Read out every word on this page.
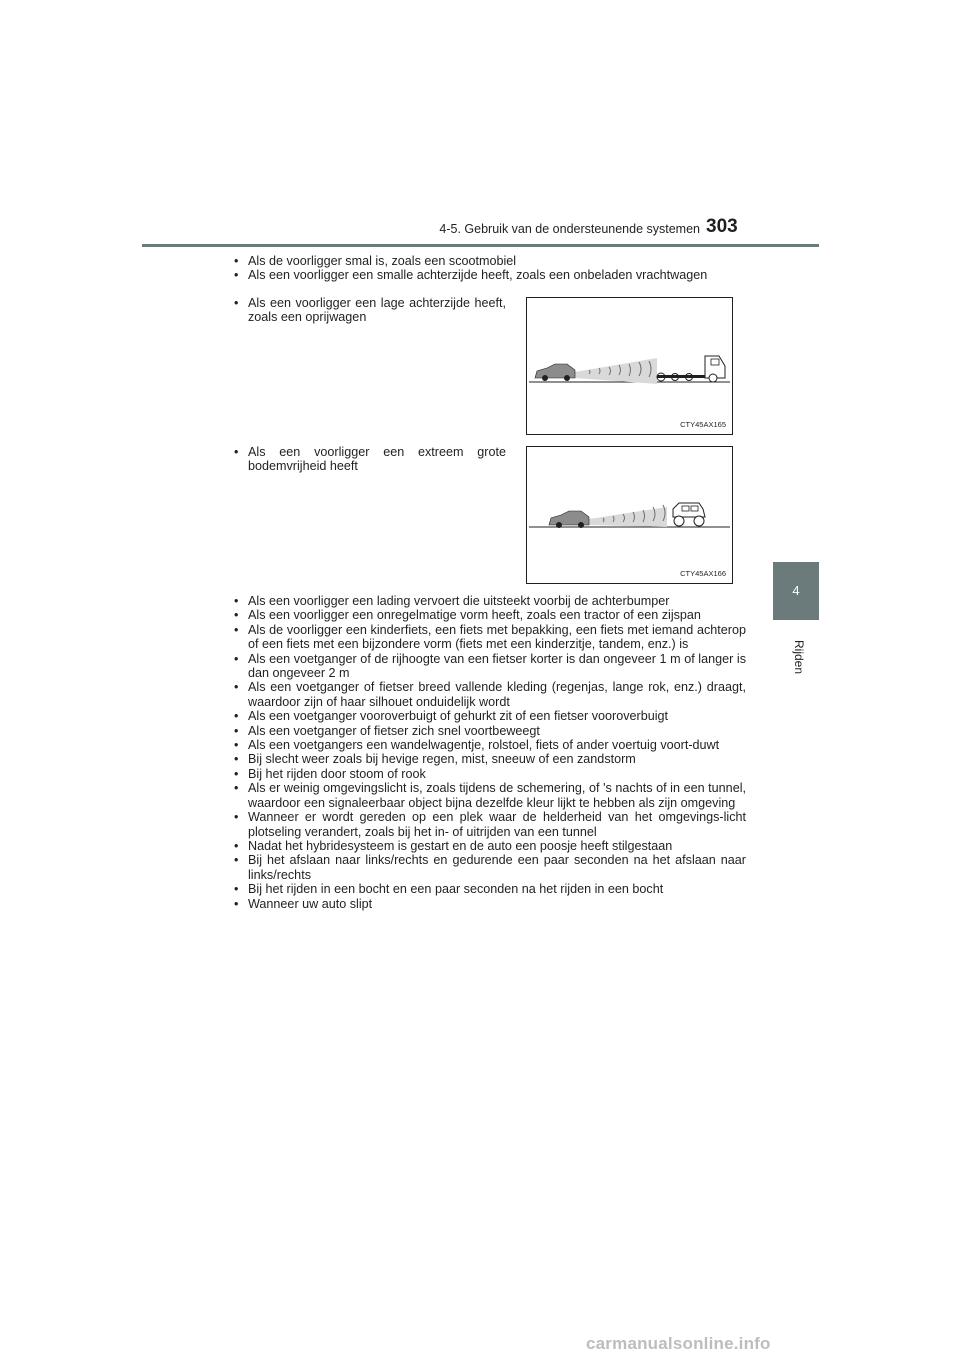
4-5. Gebruik van de ondersteunende systemen 303
4
Rijden
• Als de voorligger smal is, zoals een scootmobiel
• Als een voorligger een smalle achterzijde heeft, zoals een onbeladen vrachtwagen
• Als een voorligger een lage achterzijde heeft, zoals een oprijwagen
CTY45AX165
• Als een voorligger een extreem grote bodemvrijheid heeft
CTY45AX166
• Als een voorligger een lading vervoert die uitsteekt voorbij de achterbumper
• Als een voorligger een onregelmatige vorm heeft, zoals een tractor of een zijspan
• Als de voorligger een kinderfiets, een fiets met bepakking, een fiets met iemand achterop of een fiets met een bijzondere vorm (fiets met een kinderzitje, tandem, enz.) is
• Als een voetganger of de rijhoogte van een fietser korter is dan ongeveer 1 m of langer is dan ongeveer 2 m
• Als een voetganger of fietser breed vallende kleding (regenjas, lange rok, enz.) draagt, waardoor zijn of haar silhouet onduidelijk wordt
• Als een voetganger vooroverbuigt of gehurkt zit of een fietser vooroverbuigt
• Als een voetganger of fietser zich snel voortbeweegt
• Als een voetgangers een wandelwagentje, rolstoel, fiets of ander voertuig voort-duwt
• Bij slecht weer zoals bij hevige regen, mist, sneeuw of een zandstorm
• Bij het rijden door stoom of rook
• Als er weinig omgevingslicht is, zoals tijdens de schemering, of 's nachts of in een tunnel, waardoor een signaleerbaar object bijna dezelfde kleur lijkt te hebben als zijn omgeving
• Wanneer er wordt gereden op een plek waar de helderheid van het omgevings-licht plotseling verandert, zoals bij het in- of uitrijden van een tunnel
• Nadat het hybridesysteem is gestart en de auto een poosje heeft stilgestaan
• Bij het afslaan naar links/rechts en gedurende een paar seconden na het afslaan naar links/rechts
• Bij het rijden in een bocht en een paar seconden na het rijden in een bocht
• Wanneer uw auto slipt
carmanualsonline.info
